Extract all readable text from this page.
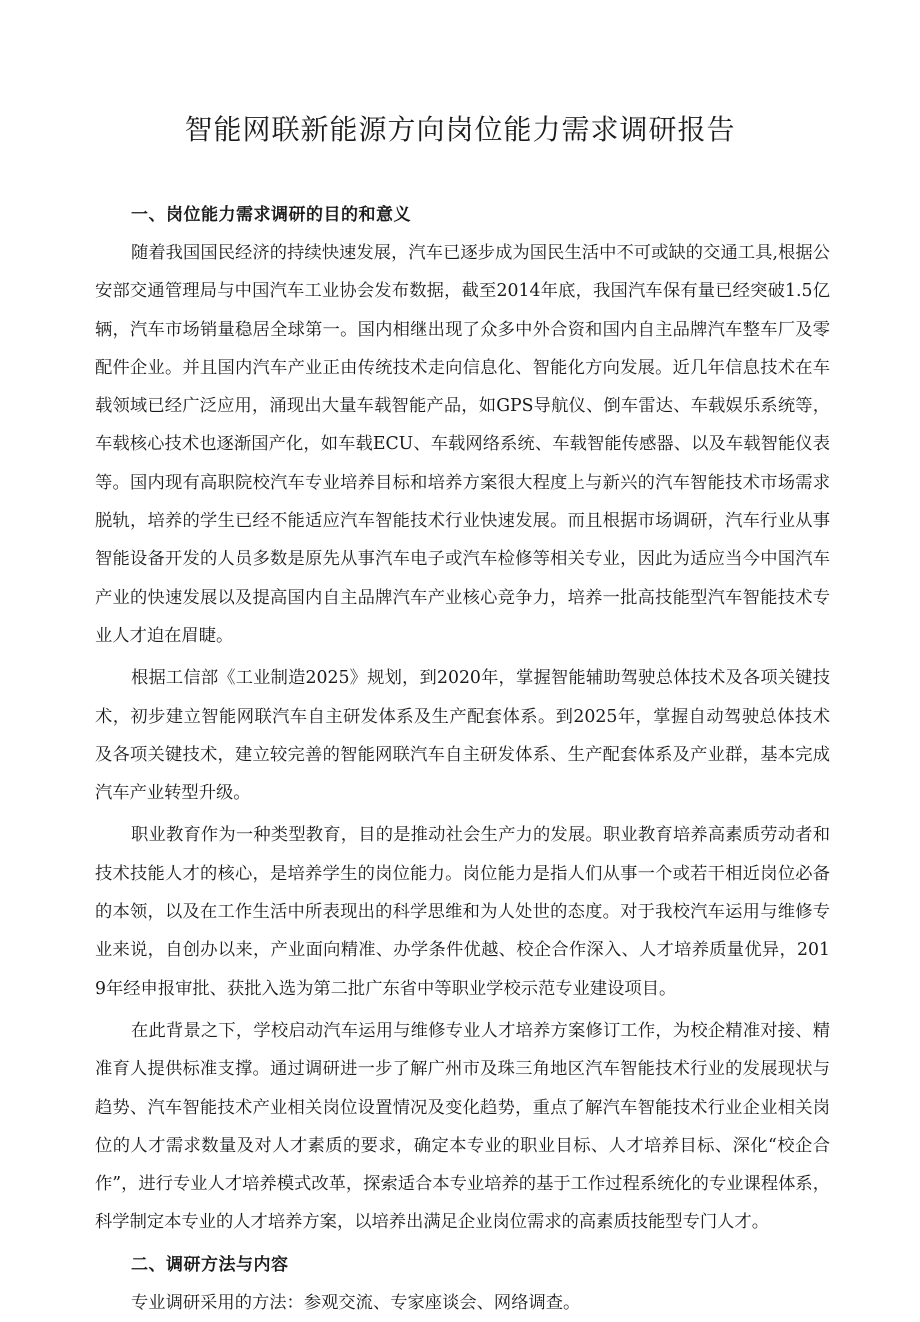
智能网联新能源方向岗位能力需求调研报告
一、岗位能力需求调研的目的和意义

随着我国国民经济的持续快速发展，汽车已逐步成为国民生活中不可或缺的交通工具,根据公安部交通管理局与中国汽车工业协会发布数据，截至2014年底，我国汽车保有量已经突破1.5亿辆，汽车市场销量稳居全球第一。国内相继出现了众多中外合资和国内自主品牌汽车整车厂及零配件企业。并且国内汽车产业正由传统技术走向信息化、智能化方向发展。近几年信息技术在车载领域已经广泛应用，涌现出大量车载智能产品，如GPS导航仪、倒车雷达、车载娱乐系统等，车载核心技术也逐渐国产化，如车载ECU、车载网络系统、车载智能传感器、以及车载智能仪表等。国内现有高职院校汽车专业培养目标和培养方案很大程度上与新兴的汽车智能技术市场需求脱轨，培养的学生已经不能适应汽车智能技术行业快速发展。而且根据市场调研，汽车行业从事智能设备开发的人员多数是原先从事汽车电子或汽车检修等相关专业，因此为适应当今中国汽车产业的快速发展以及提高国内自主品牌汽车产业核心竞争力，培养一批高技能型汽车智能技术专业人才迫在眉睫。

根据工信部《工业制造2025》规划，到2020年，掌握智能辅助驾驶总体技术及各项关键技术，初步建立智能网联汽车自主研发体系及生产配套体系。到2025年，掌握自动驾驶总体技术及各项关键技术，建立较完善的智能网联汽车自主研发体系、生产配套体系及产业群，基本完成汽车产业转型升级。

职业教育作为一种类型教育，目的是推动社会生产力的发展。职业教育培养高素质劳动者和技术技能人才的核心，是培养学生的岗位能力。岗位能力是指人们从事一个或若干相近岗位必备的本领，以及在工作生活中所表现出的科学思维和为人处世的态度。对于我校汽车运用与维修专业来说，自创办以来，产业面向精准、办学条件优越、校企合作深入、人才培养质量优异，2019年经申报审批、获批入选为第二批广东省中等职业学校示范专业建设项目。

在此背景之下，学校启动汽车运用与维修专业人才培养方案修订工作，为校企精准对接、精准育人提供标准支撑。通过调研进一步了解广州市及珠三角地区汽车智能技术行业的发展现状与趋势、汽车智能技术产业相关岗位设置情况及变化趋势，重点了解汽车智能技术行业企业相关岗位的人才需求数量及对人才素质的要求，确定本专业的职业目标、人才培养目标、深化“校企合作”，进行专业人才培养模式改革，探索适合本专业培养的基于工作过程系统化的专业课程体系，科学制定本专业的人才培养方案，以培养出满足企业岗位需求的高素质技能型专门人才。

二、调研方法与内容

专业调研采用的方法：参观交流、专家座谈会、网络调查。
